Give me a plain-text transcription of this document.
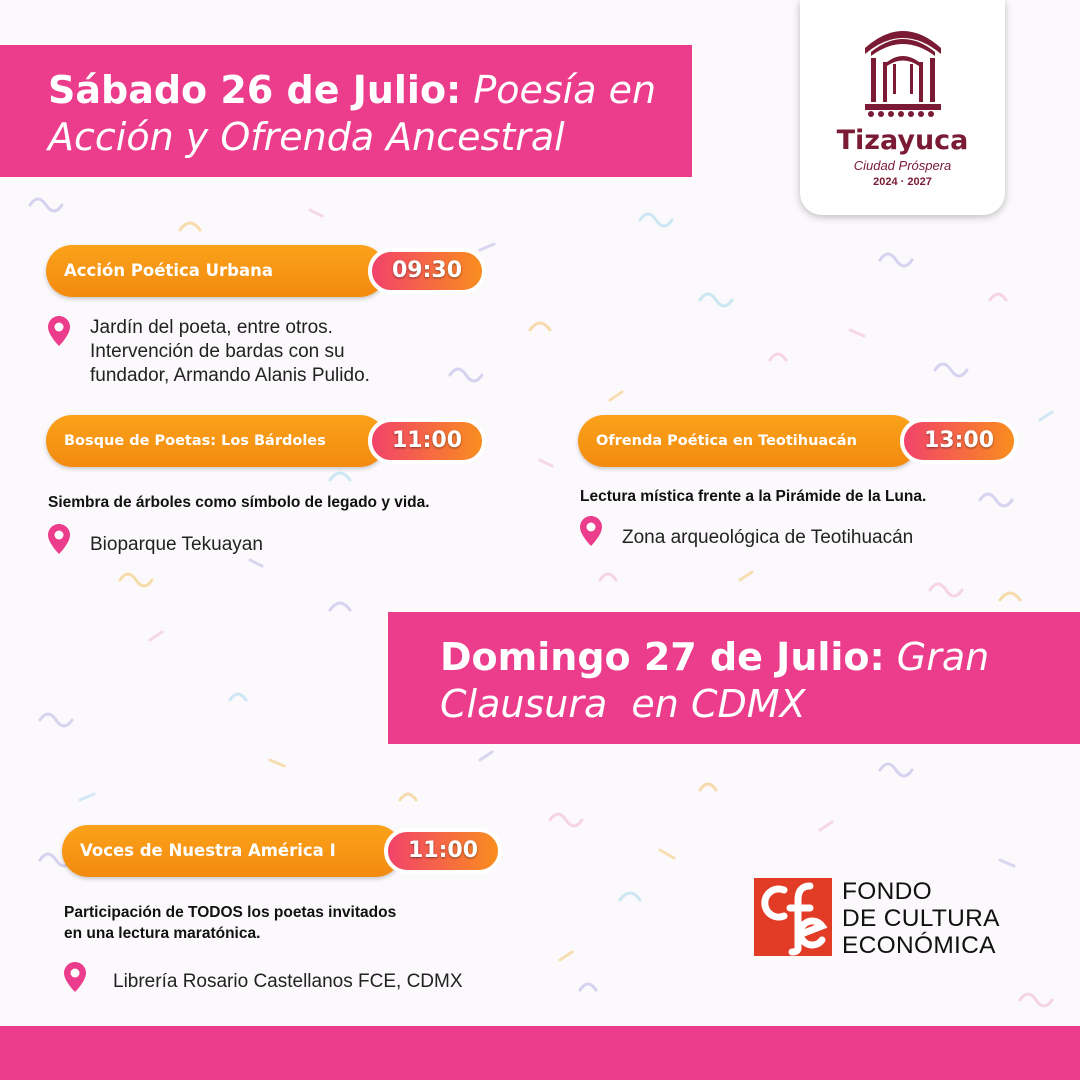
Sábado 26 de Julio: Poesía en
Acción y Ofrenda Ancestral	Tizayuca
Ciudad Próspera
2024 · 2027
Acción Poética Urbana	09:30
Jardín del poeta, entre otros.
Intervención de bardas con su
fundador, Armando Alanis Pulido.
Bosque de Poetas: Los Bárdoles	11:00
Siembra de árboles como símbolo de legado y vida.
Bioparque Tekuayan
Ofrenda Poética en Teotihuacán	13:00
Lectura mística frente a la Pirámide de la Luna.
Zona arqueológica de Teotihuacán
Domingo 27 de Julio: Gran
Clausura  en CDMX
Voces de Nuestra América I	11:00
Participación de TODOS los poetas invitados
en una lectura maratónica.
Librería Rosario Castellanos FCE, CDMX
FONDO
DE CULTURA
ECONÓMICA
